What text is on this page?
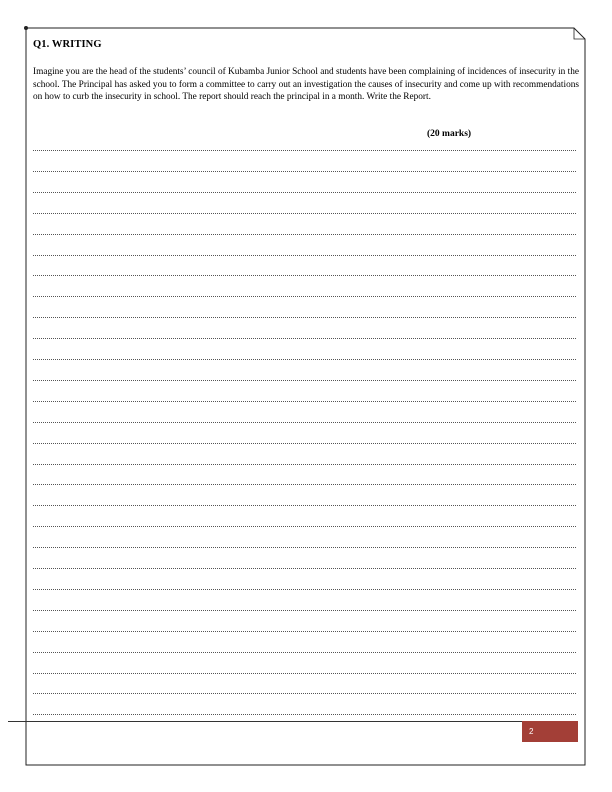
Q1. WRITING

Imagine you are the head of the students’ council of Kubamba Junior School and students have been complaining of incidences of insecurity in the school. The Principal has asked you to form a committee to carry out an investigation the causes of insecurity and come up with recommendations on how to curb the insecurity in school. The report should reach the principal in a month. Write the Report.

(20 marks)

2
